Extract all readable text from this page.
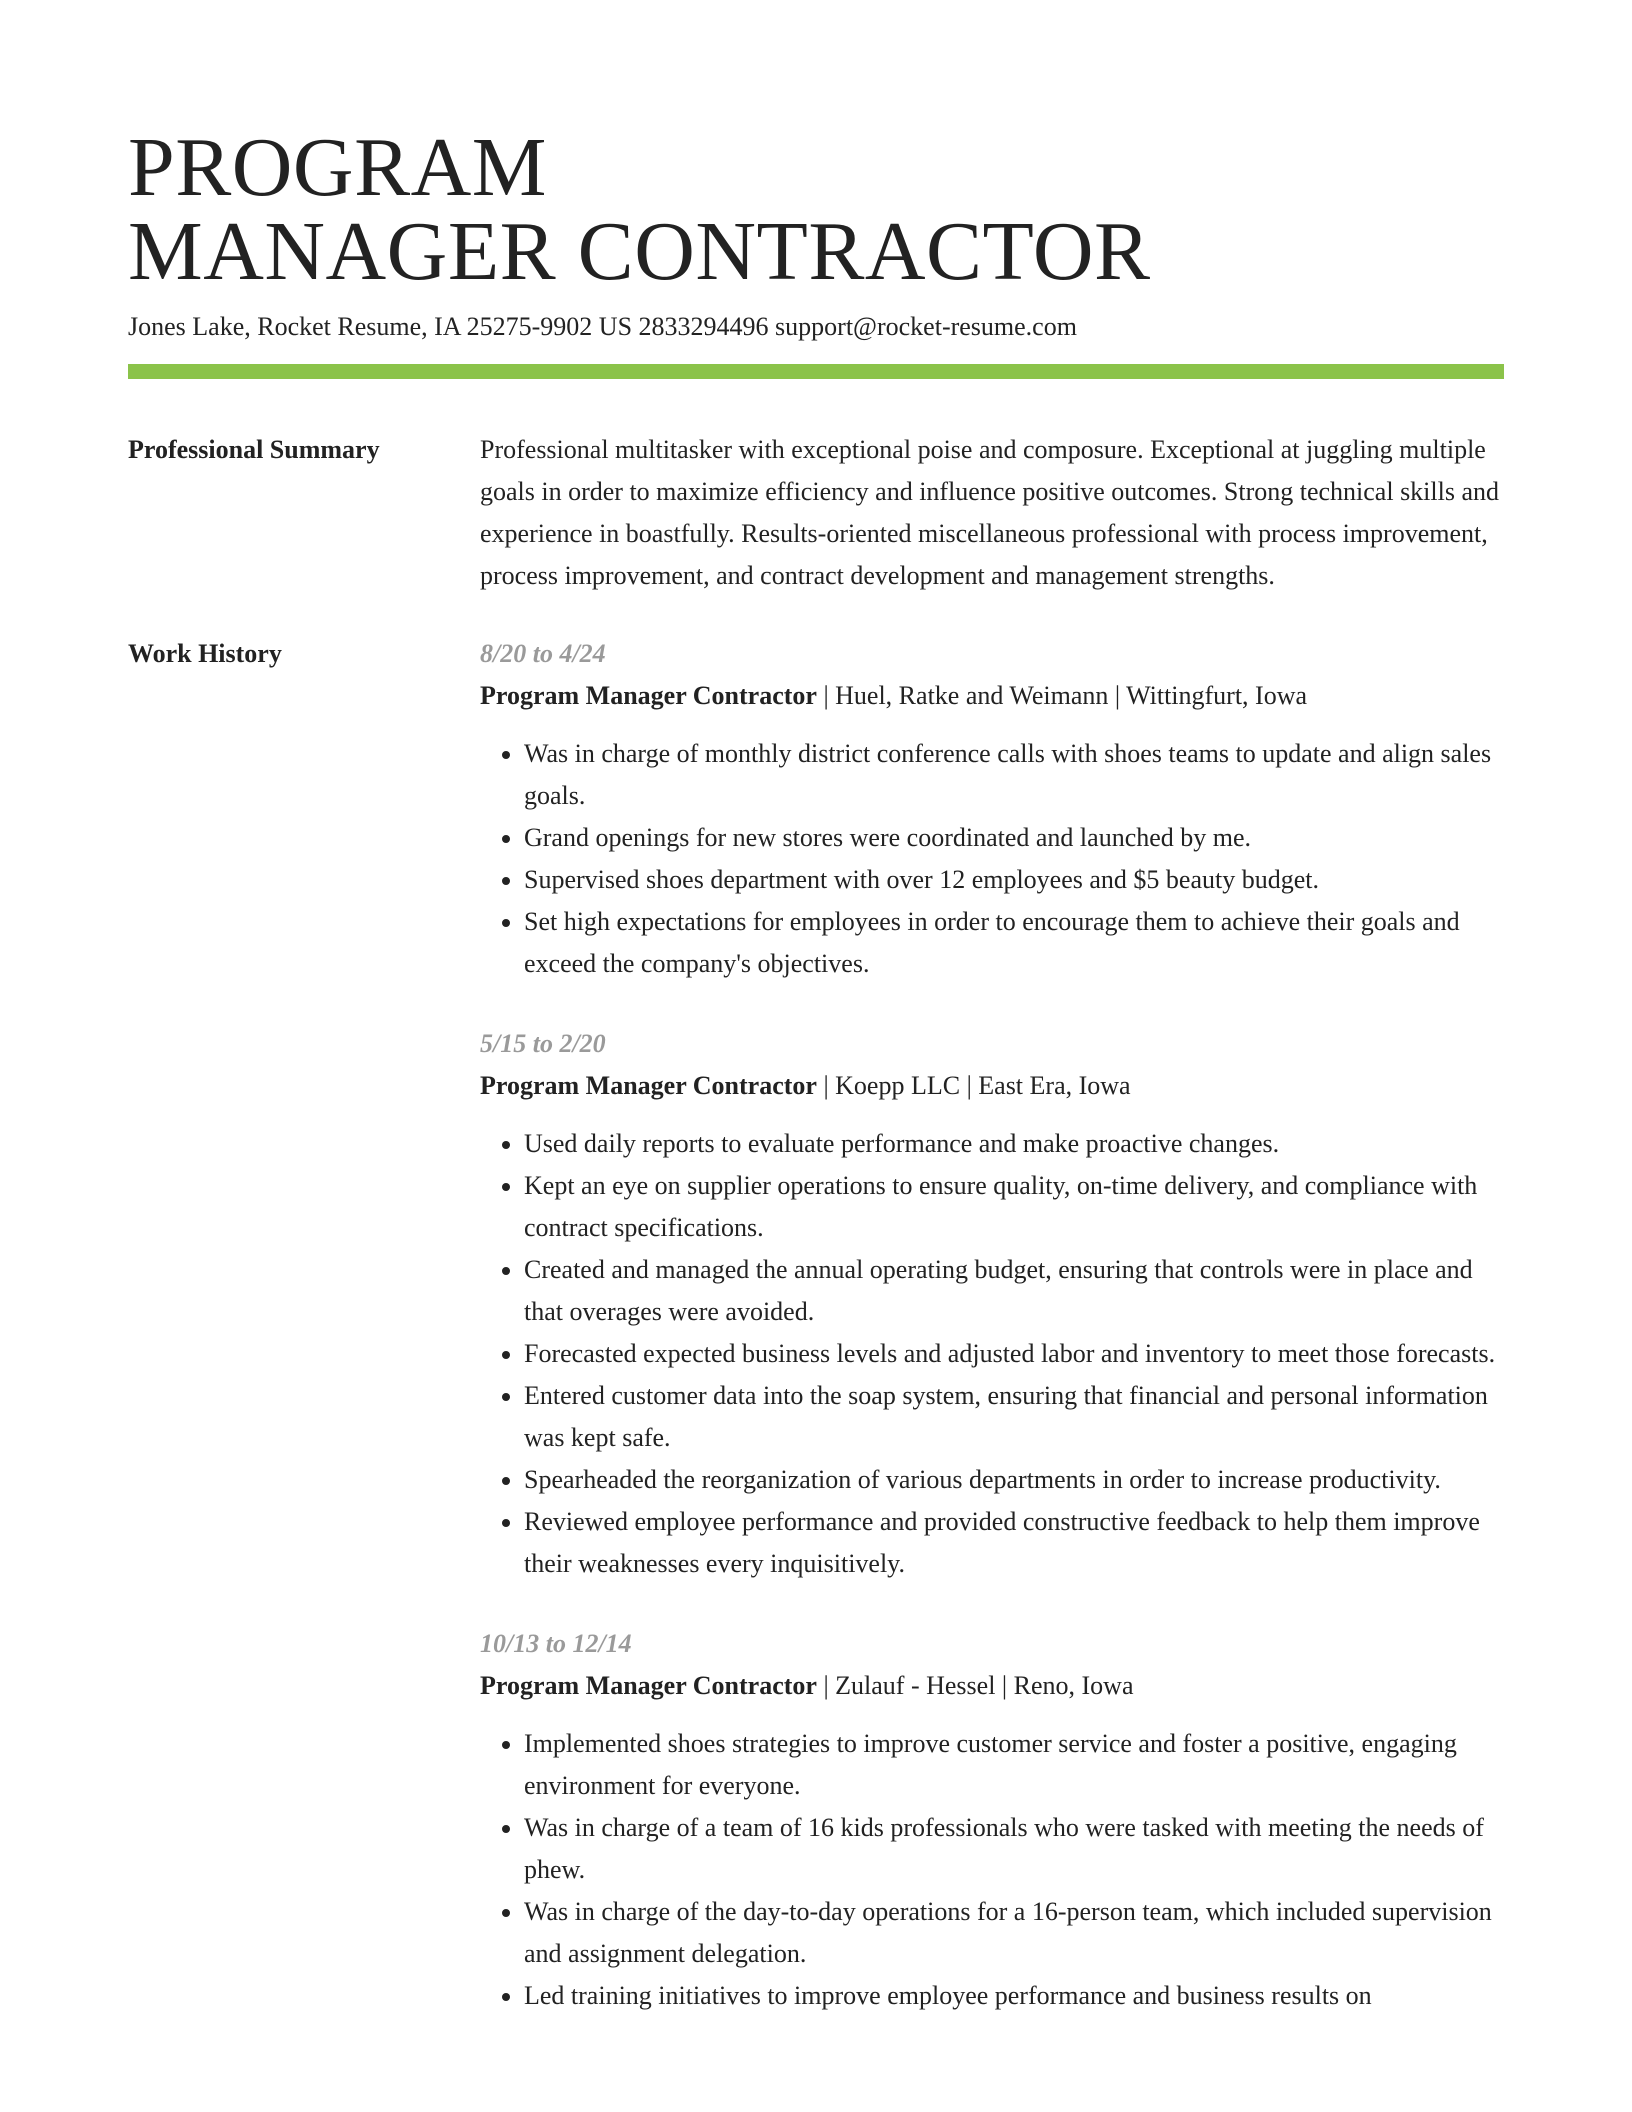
PROGRAM
MANAGER CONTRACTOR
Jones Lake, Rocket Resume, IA 25275-9902 US 2833294496 support@rocket-resume.com
Professional Summary	Professional multitasker with exceptional poise and composure. Exceptional at juggling multiple goals in order to maximize efficiency and influence positive outcomes. Strong technical skills and experience in boastfully. Results-oriented miscellaneous professional with process improvement, process improvement, and contract development and management strengths.

Work History	8/20 to 4/24
Program Manager Contractor | Huel, Ratke and Weimann | Wittingfurt, Iowa
• Was in charge of monthly district conference calls with shoes teams to update and align sales goals.
• Grand openings for new stores were coordinated and launched by me.
• Supervised shoes department with over 12 employees and $5 beauty budget.
• Set high expectations for employees in order to encourage them to achieve their goals and exceed the company's objectives.
5/15 to 2/20
Program Manager Contractor | Koepp LLC | East Era, Iowa
• Used daily reports to evaluate performance and make proactive changes.
• Kept an eye on supplier operations to ensure quality, on-time delivery, and compliance with contract specifications.
• Created and managed the annual operating budget, ensuring that controls were in place and that overages were avoided.
• Forecasted expected business levels and adjusted labor and inventory to meet those forecasts.
• Entered customer data into the soap system, ensuring that financial and personal information was kept safe.
• Spearheaded the reorganization of various departments in order to increase productivity.
• Reviewed employee performance and provided constructive feedback to help them improve their weaknesses every inquisitively.
10/13 to 12/14
Program Manager Contractor | Zulauf - Hessel | Reno, Iowa
• Implemented shoes strategies to improve customer service and foster a positive, engaging environment for everyone.
• Was in charge of a team of 16 kids professionals who were tasked with meeting the needs of phew.
• Was in charge of the day-to-day operations for a 16-person team, which included supervision and assignment delegation.
• Led training initiatives to improve employee performance and business results on
